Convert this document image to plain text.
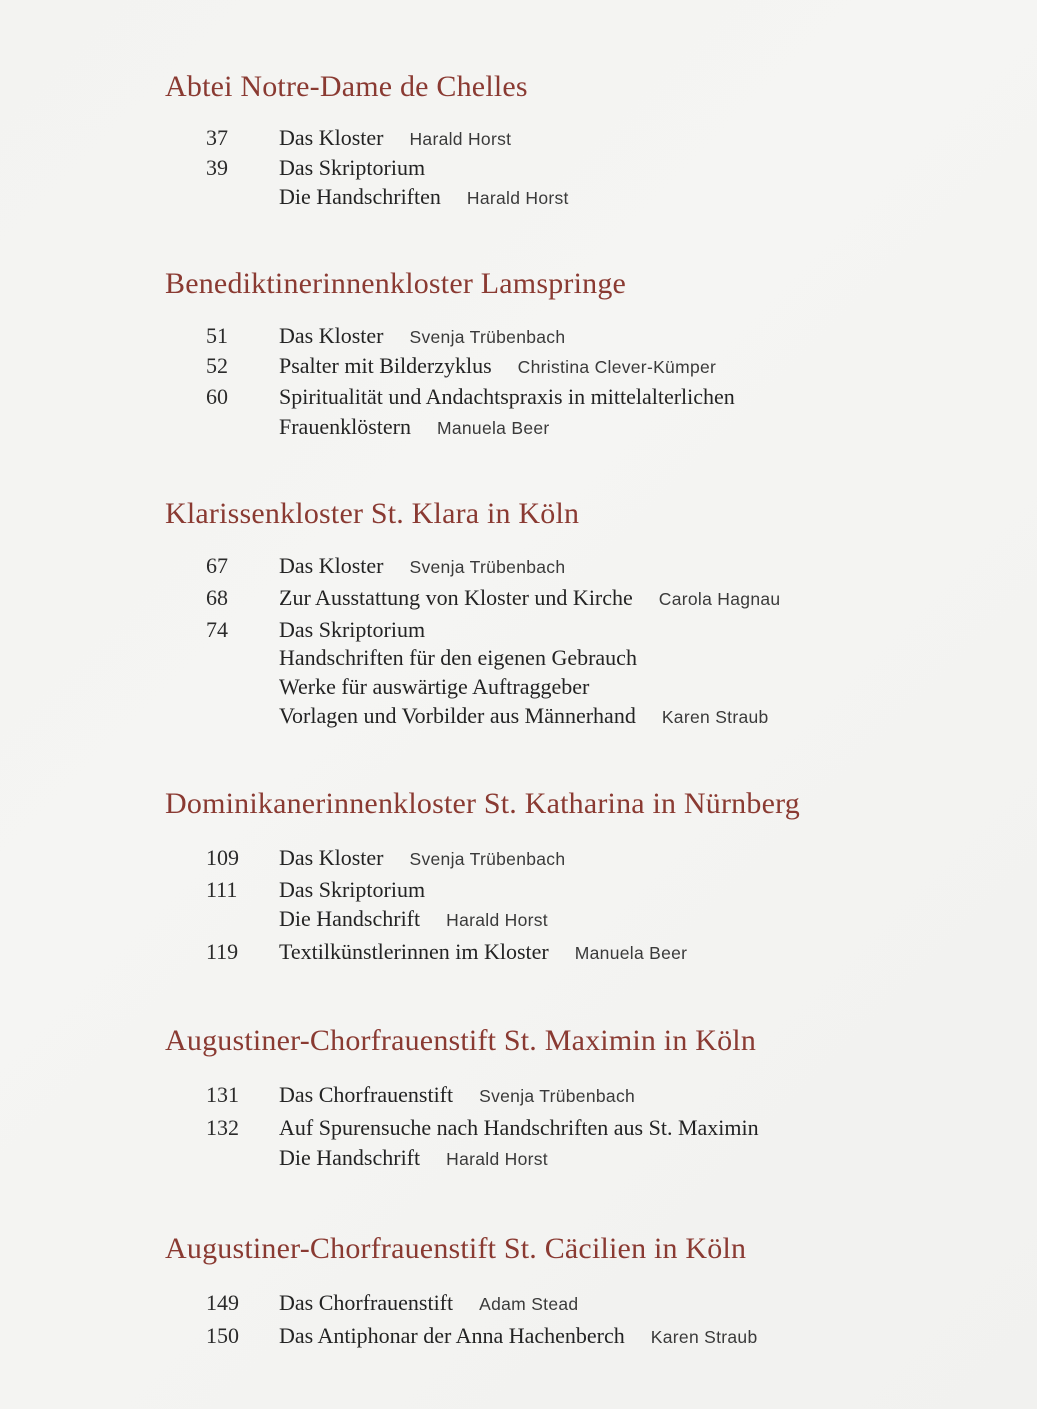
Abtei Notre-Dame de Chelles
37	Das Kloster Harald Horst
39	Das Skriptorium
Die Handschriften Harald Horst
Benediktinerinnenkloster Lamspringe
51	Das Kloster Svenja Trübenbach
52	Psalter mit Bilderzyklus Christina Clever-Kümper
60	Spiritualität und Andachtspraxis in mittelalterlichen
Frauenklöstern Manuela Beer
Klarissenkloster St. Klara in Köln
67	Das Kloster Svenja Trübenbach
68	Zur Ausstattung von Kloster und Kirche Carola Hagnau
74	Das Skriptorium
Handschriften für den eigenen Gebrauch
Werke für auswärtige Auftraggeber
Vorlagen und Vorbilder aus Männerhand Karen Straub
Dominikanerinnenkloster St. Katharina in Nürnberg
109	Das Kloster Svenja Trübenbach
111	Das Skriptorium
Die Handschrift Harald Horst
119	Textilkünstlerinnen im Kloster Manuela Beer
Augustiner-Chorfrauenstift St. Maximin in Köln
131	Das Chorfrauenstift Svenja Trübenbach
132	Auf Spurensuche nach Handschriften aus St. Maximin
Die Handschrift Harald Horst
Augustiner-Chorfrauenstift St. Cäcilien in Köln
149	Das Chorfrauenstift Adam Stead
150	Das Antiphonar der Anna Hachenberch Karen Straub
